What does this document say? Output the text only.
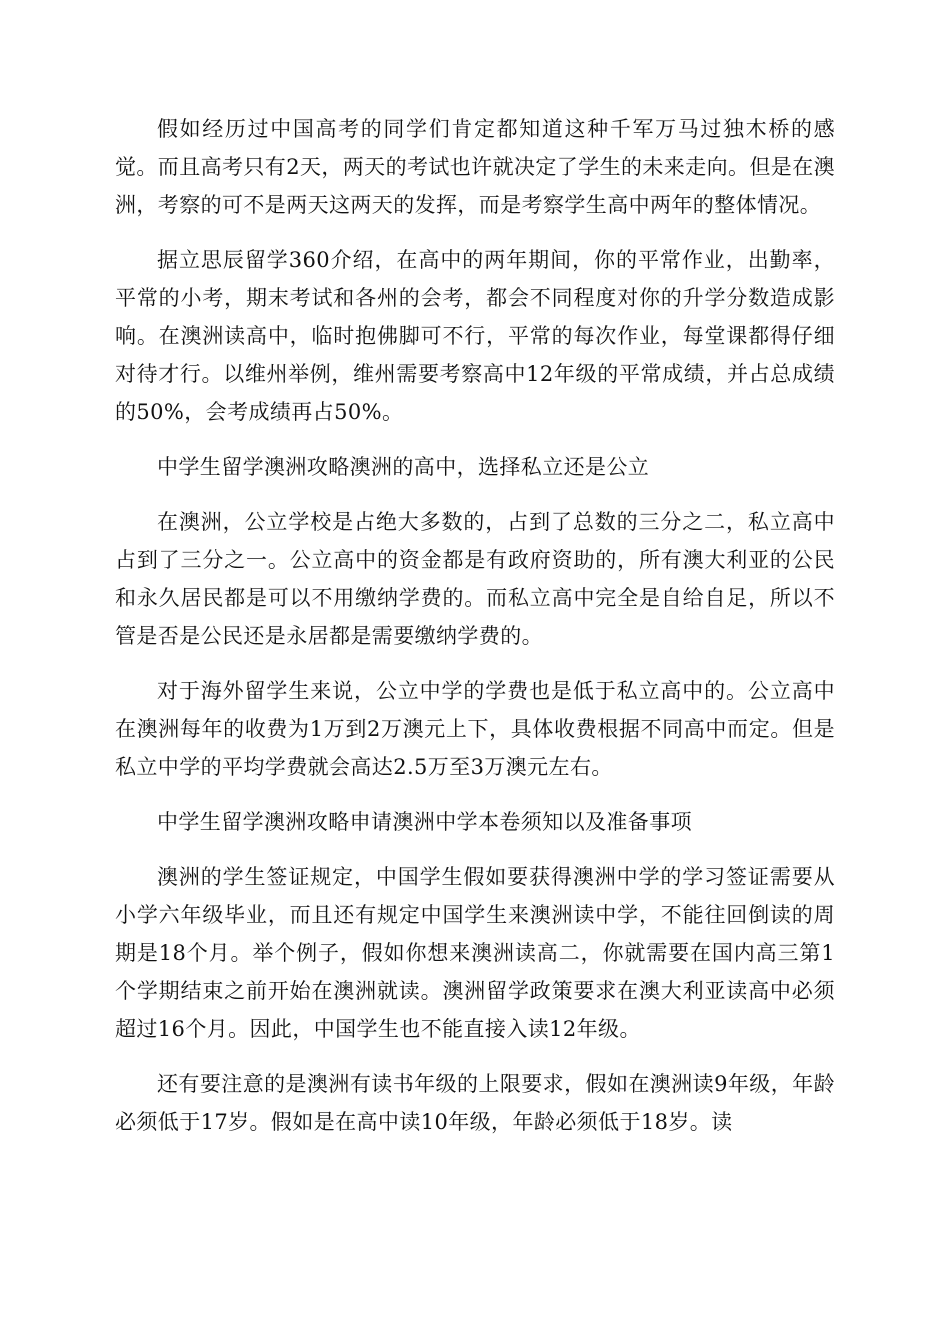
假如经历过中国高考的同学们肯定都知道这种千军万马过独木桥的感觉。而且高考只有2天，两天的考试也许就决定了学生的未来走向。但是在澳洲，考察的可不是两天这两天的发挥，而是考察学生高中两年的整体情况。

据立思辰留学360介绍，在高中的两年期间，你的平常作业，出勤率，平常的小考，期末考试和各州的会考，都会不同程度对你的升学分数造成影响。在澳洲读高中，临时抱佛脚可不行，平常的每次作业，每堂课都得仔细对待才行。以维州举例，维州需要考察高中12年级的平常成绩，并占总成绩的50%，会考成绩再占50%。

中学生留学澳洲攻略澳洲的高中，选择私立还是公立

在澳洲，公立学校是占绝大多数的，占到了总数的三分之二，私立高中占到了三分之一。公立高中的资金都是有政府资助的，所有澳大利亚的公民和永久居民都是可以不用缴纳学费的。而私立高中完全是自给自足，所以不管是否是公民还是永居都是需要缴纳学费的。

对于海外留学生来说，公立中学的学费也是低于私立高中的。公立高中在澳洲每年的收费为1万到2万澳元上下，具体收费根据不同高中而定。但是私立中学的平均学费就会高达2.5万至3万澳元左右。

中学生留学澳洲攻略申请澳洲中学本卷须知以及准备事项

澳洲的学生签证规定，中国学生假如要获得澳洲中学的学习签证需要从小学六年级毕业，而且还有规定中国学生来澳洲读中学，不能往回倒读的周期是18个月。举个例子，假如你想来澳洲读高二，你就需要在国内高三第1个学期结束之前开始在澳洲就读。澳洲留学政策要求在澳大利亚读高中必须超过16个月。因此，中国学生也不能直接入读12年级。

还有要注意的是澳洲有读书年级的上限要求，假如在澳洲读9年级，年龄必须低于17岁。假如是在高中读10年级，年龄必须低于18岁。读
